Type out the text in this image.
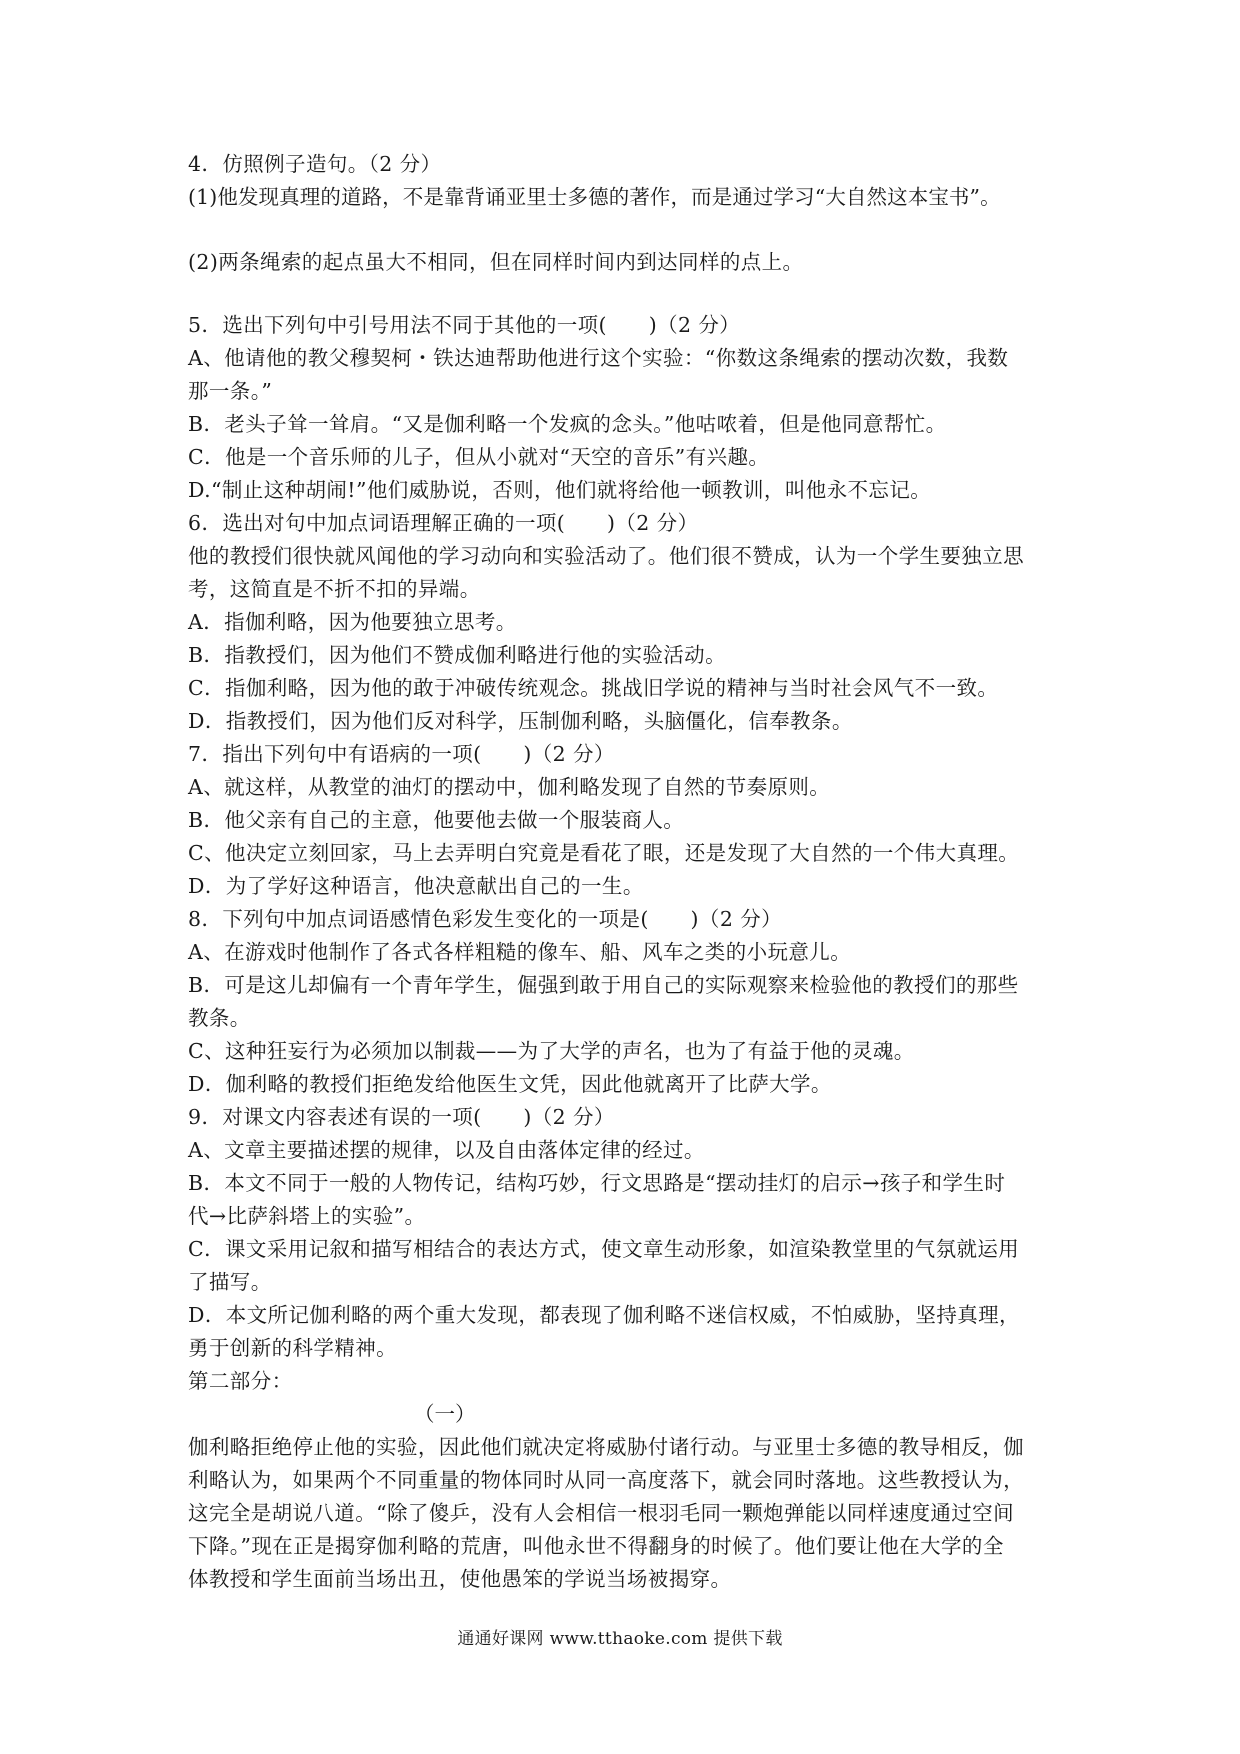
4．仿照例子造句。（2 分）
(1)他发现真理的道路，不是靠背诵亚里士多德的著作，而是通过学习“大自然这本宝书”。
(2)两条绳索的起点虽大不相同，但在同样时间内到达同样的点上。
5．选出下列句中引号用法不同于其他的一项(　　)（2 分）
A、他请他的教父穆契柯・铁达迪帮助他进行这个实验：“你数这条绳索的摆动次数，我数
那一条。”
B．老头子耸一耸肩。“又是伽利略一个发疯的念头。”他咕哝着，但是他同意帮忙。
C．他是一个音乐师的儿子，但从小就对“天空的音乐”有兴趣。
D.“制止这种胡闹!”他们威胁说，否则，他们就将给他一顿教训，叫他永不忘记。
6．选出对句中加点词语理解正确的一项(　　)（2 分）
他的教授们很快就风闻他的学习动向和实验活动了。他们很不赞成，认为一个学生要独立思
考，这简直是不折不扣的异端。
A．指伽利略，因为他要独立思考。
B．指教授们，因为他们不赞成伽利略进行他的实验活动。
C．指伽利略，因为他的敢于冲破传统观念。挑战旧学说的精神与当时社会风气不一致。
D．指教授们，因为他们反对科学，压制伽利略，头脑僵化，信奉教条。
7．指出下列句中有语病的一项(　　)（2 分）
A、就这样，从教堂的油灯的摆动中，伽利略发现了自然的节奏原则。
B．他父亲有自己的主意，他要他去做一个服装商人。
C、他决定立刻回家，马上去弄明白究竟是看花了眼，还是发现了大自然的一个伟大真理。
D．为了学好这种语言，他决意献出自己的一生。
8．下列句中加点词语感情色彩发生变化的一项是(　　)（2 分）
A、在游戏时他制作了各式各样粗糙的像车、船、风车之类的小玩意儿。
B．可是这儿却偏有一个青年学生，倔强到敢于用自己的实际观察来检验他的教授们的那些
教条。
C、这种狂妄行为必须加以制裁——为了大学的声名，也为了有益于他的灵魂。
D．伽利略的教授们拒绝发给他医生文凭，因此他就离开了比萨大学。
9．对课文内容表述有误的一项(　　)（2 分）
A、文章主要描述摆的规律，以及自由落体定律的经过。
B．本文不同于一般的人物传记，结构巧妙，行文思路是“摆动挂灯的启示→孩子和学生时
代→比萨斜塔上的实验”。
C．课文采用记叙和描写相结合的表达方式，使文章生动形象，如渲染教堂里的气氛就运用
了描写。
D．本文所记伽利略的两个重大发现，都表现了伽利略不迷信权威，不怕威胁，坚持真理，
勇于创新的科学精神。
第二部分：
（一）
伽利略拒绝停止他的实验，因此他们就决定将威胁付诸行动。与亚里士多德的教导相反，伽
利略认为，如果两个不同重量的物体同时从同一高度落下，就会同时落地。这些教授认为，
这完全是胡说八道。“除了傻乒，没有人会相信一根羽毛同一颗炮弹能以同样速度通过空间
下降。”现在正是揭穿伽利略的荒唐，叫他永世不得翻身的时候了。他们要让他在大学的全
体教授和学生面前当场出丑，使他愚笨的学说当场被揭穿。
通通好课网 www.tthaoke.com 提供下载
